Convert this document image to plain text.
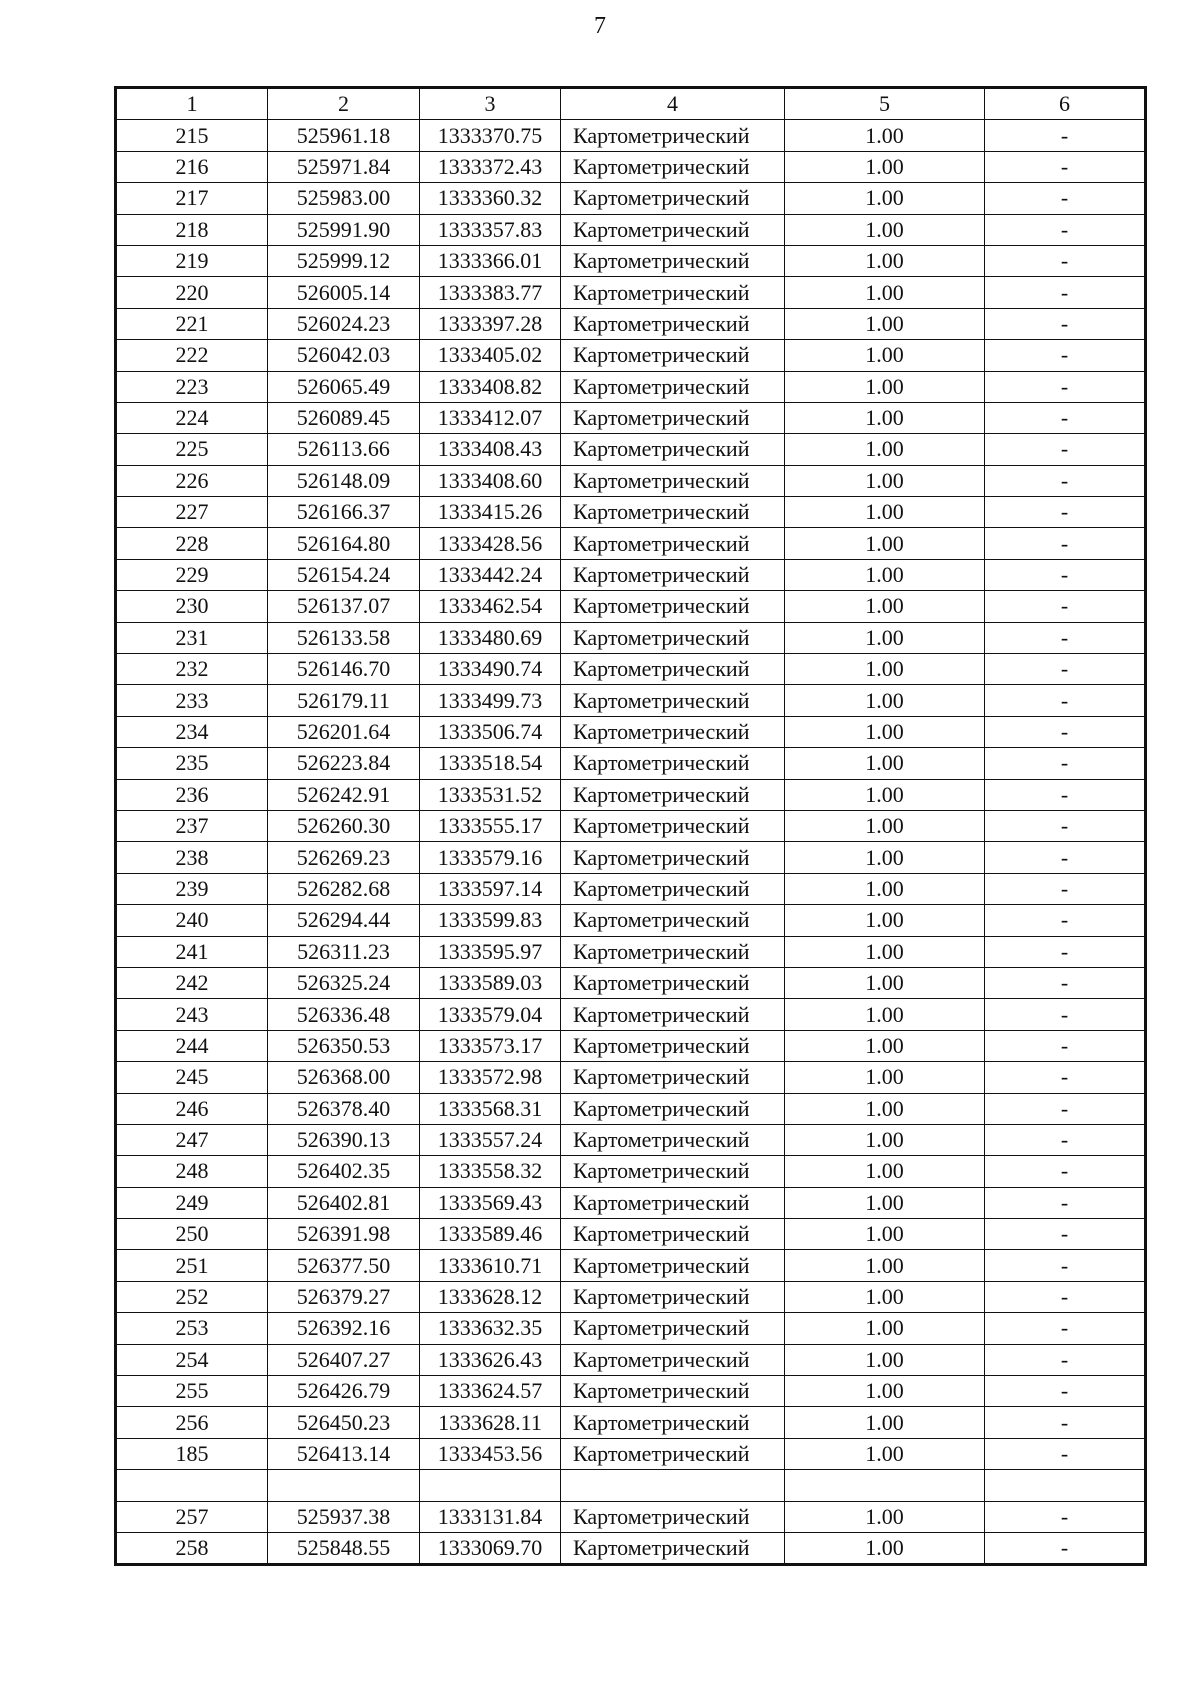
7
1	2	3	4	5	6
215	525961.18	1333370.75	Картометрический	1.00	-
216	525971.84	1333372.43	Картометрический	1.00	-
217	525983.00	1333360.32	Картометрический	1.00	-
218	525991.90	1333357.83	Картометрический	1.00	-
219	525999.12	1333366.01	Картометрический	1.00	-
220	526005.14	1333383.77	Картометрический	1.00	-
221	526024.23	1333397.28	Картометрический	1.00	-
222	526042.03	1333405.02	Картометрический	1.00	-
223	526065.49	1333408.82	Картометрический	1.00	-
224	526089.45	1333412.07	Картометрический	1.00	-
225	526113.66	1333408.43	Картометрический	1.00	-
226	526148.09	1333408.60	Картометрический	1.00	-
227	526166.37	1333415.26	Картометрический	1.00	-
228	526164.80	1333428.56	Картометрический	1.00	-
229	526154.24	1333442.24	Картометрический	1.00	-
230	526137.07	1333462.54	Картометрический	1.00	-
231	526133.58	1333480.69	Картометрический	1.00	-
232	526146.70	1333490.74	Картометрический	1.00	-
233	526179.11	1333499.73	Картометрический	1.00	-
234	526201.64	1333506.74	Картометрический	1.00	-
235	526223.84	1333518.54	Картометрический	1.00	-
236	526242.91	1333531.52	Картометрический	1.00	-
237	526260.30	1333555.17	Картометрический	1.00	-
238	526269.23	1333579.16	Картометрический	1.00	-
239	526282.68	1333597.14	Картометрический	1.00	-
240	526294.44	1333599.83	Картометрический	1.00	-
241	526311.23	1333595.97	Картометрический	1.00	-
242	526325.24	1333589.03	Картометрический	1.00	-
243	526336.48	1333579.04	Картометрический	1.00	-
244	526350.53	1333573.17	Картометрический	1.00	-
245	526368.00	1333572.98	Картометрический	1.00	-
246	526378.40	1333568.31	Картометрический	1.00	-
247	526390.13	1333557.24	Картометрический	1.00	-
248	526402.35	1333558.32	Картометрический	1.00	-
249	526402.81	1333569.43	Картометрический	1.00	-
250	526391.98	1333589.46	Картометрический	1.00	-
251	526377.50	1333610.71	Картометрический	1.00	-
252	526379.27	1333628.12	Картометрический	1.00	-
253	526392.16	1333632.35	Картометрический	1.00	-
254	526407.27	1333626.43	Картометрический	1.00	-
255	526426.79	1333624.57	Картометрический	1.00	-
256	526450.23	1333628.11	Картометрический	1.00	-
185	526413.14	1333453.56	Картометрический	1.00	-

257	525937.38	1333131.84	Картометрический	1.00	-
258	525848.55	1333069.70	Картометрический	1.00	-
